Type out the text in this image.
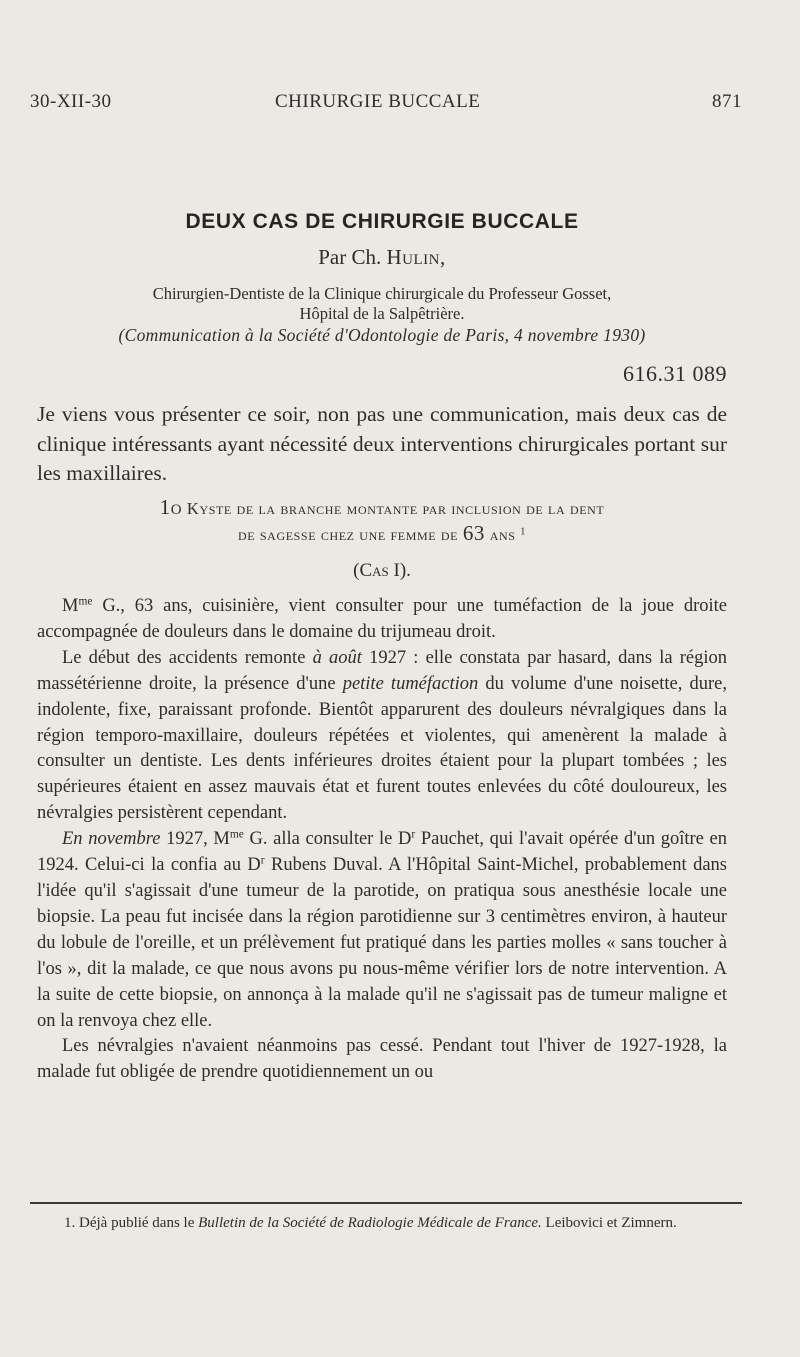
30-XII-30	CHIRURGIE BUCCALE	871
DEUX CAS DE CHIRURGIE BUCCALE
Par Ch. Hulin,
Chirurgien-Dentiste de la Clinique chirurgicale du Professeur Gosset,
Hôpital de la Salpêtrière.
(Communication à la Société d'Odontologie de Paris, 4 novembre 1930)
616.31 089
Je viens vous présenter ce soir, non pas une communication, mais deux cas de clinique intéressants ayant nécessité deux interventions chirurgicales portant sur les maxillaires.
1o Kyste de la branche montante par inclusion de la dent
de sagesse chez une femme de 63 ans $^1$
(Cas I).

$M^{me}$ G., 63 ans, cuisinière, vient consulter pour une tuméfaction de la joue droite accompagnée de douleurs dans le domaine du trijumeau droit.

Le début des accidents remonte à août 1927 : elle constata par hasard, dans la région massétérienne droite, la présence d'une petite tuméfaction du volume d'une noisette, dure, indolente, fixe, paraissant profonde. Bientôt apparurent des douleurs névralgiques dans la région temporo-maxillaire, douleurs répétées et violentes, qui amenèrent la malade à consulter un dentiste. Les dents inférieures droites étaient pour la plupart tombées ; les supérieures étaient en assez mauvais état et furent toutes enlevées du côté douloureux, les névralgies persistèrent cependant.

En novembre 1927, $M^{me}$ G. alla consulter le $D^r$ Pauchet, qui l'avait opérée d'un goître en 1924. Celui-ci la confia au $D^r$ Rubens Duval. A l'Hôpital Saint-Michel, probablement dans l'idée qu'il s'agissait d'une tumeur de la parotide, on pratiqua sous anesthésie locale une biopsie. La peau fut incisée dans la région parotidienne sur 3 centimètres environ, à hauteur du lobule de l'oreille, et un prélèvement fut pratiqué dans les parties molles « sans toucher à l'os », dit la malade, ce que nous avons pu nous-même vérifier lors de notre intervention. A la suite de cette biopsie, on annonça à la malade qu'il ne s'agissait pas de tumeur maligne et on la renvoya chez elle.

Les névralgies n'avaient néanmoins pas cessé. Pendant tout l'hiver de 1927-1928, la malade fut obligée de prendre quotidiennement un ou

1. Déjà publié dans le Bulletin de la Société de Radiologie Médicale de France. Leibovici et Zimnern.
